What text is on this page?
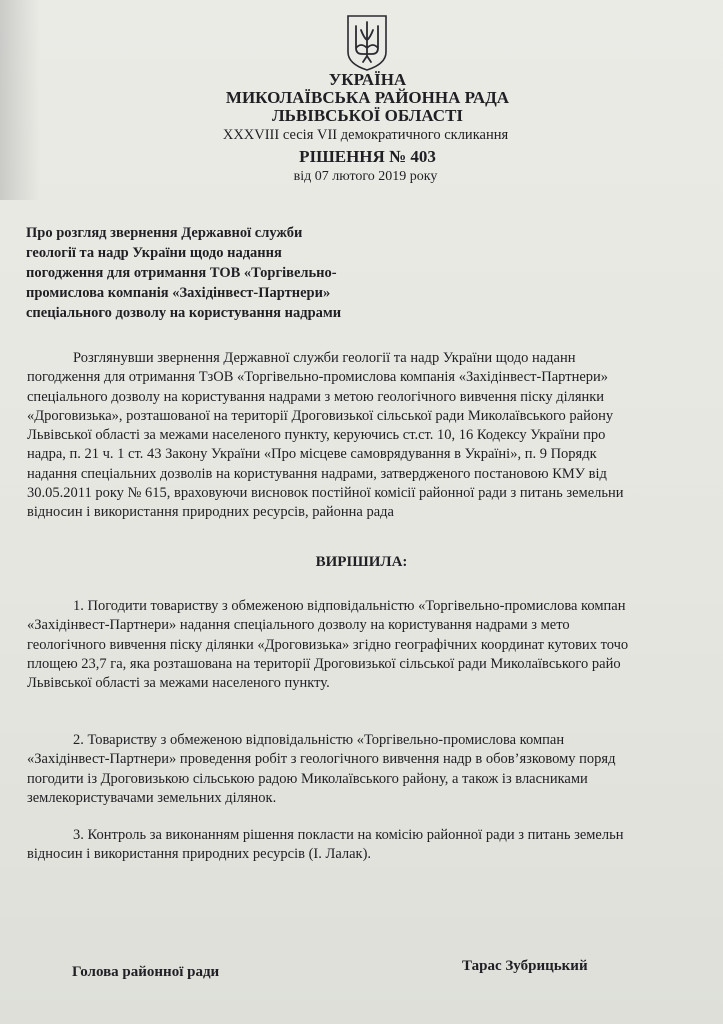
УКРАЇНА

МИКОЛАЇВСЬКА РАЙОННА РАДА

ЛЬВІВСЬКОЇ ОБЛАСТІ

XXXVIII сесія VII демократичного скликання

РІШЕННЯ № 403

від 07 лютого 2019 року

Про розгляд звернення Державної служби
геології та надр України щодо надання
погодження для отримання ТОВ «Торгівельно-
промислова компанія «Західінвест-Партнери»
спеціального дозволу на користування надрами
Розглянувши звернення Державної служби геології та надр України щодо наданн
погодження для отримання ТзОВ «Торгівельно-промислова компанія «Західінвест-Партнери»
спеціального дозволу на користування надрами з метою геологічного вивчення піску ділянки
«Дроговизька», розташованої на території Дроговизької сільської ради Миколаївського району
Львівської області за межами населеного пункту, керуючись ст.ст. 10, 16 Кодексу України про
надра, п. 21 ч. 1 ст. 43 Закону України «Про місцеве самоврядування в Україні», п. 9 Порядк
надання спеціальних дозволів на користування надрами, затвердженого постановою КМУ від
30.05.2011 року № 615, враховуючи висновок постійної комісії районної ради з питань земельни
відносин і використання природних ресурсів, районна рада

ВИРІШИЛА:

1. Погодити товариству з обмеженою відповідальністю «Торгівельно-промислова компан
«Західінвест-Партнери» надання спеціального дозволу на користування надрами з мето
геологічного вивчення піску ділянки «Дроговизька» згідно географічних координат кутових точо
площею 23,7 га, яка розташована на території Дроговизької сільської ради Миколаївського райо
Львівської області за межами населеного пункту.
2. Товариству з обмеженою відповідальністю «Торгівельно-промислова компан
«Західінвест-Партнери» проведення робіт з геологічного вивчення надр в обов’язковому поряд
погодити із Дроговизькою сільською радою Миколаївського району, а також із власниками
землекористувачами земельних ділянок.
3. Контроль за виконанням рішення покласти на комісію районної ради з питань земельн
відносин і використання природних ресурсів (І. Лалак).

Голова районної ради	Тарас Зубрицький
